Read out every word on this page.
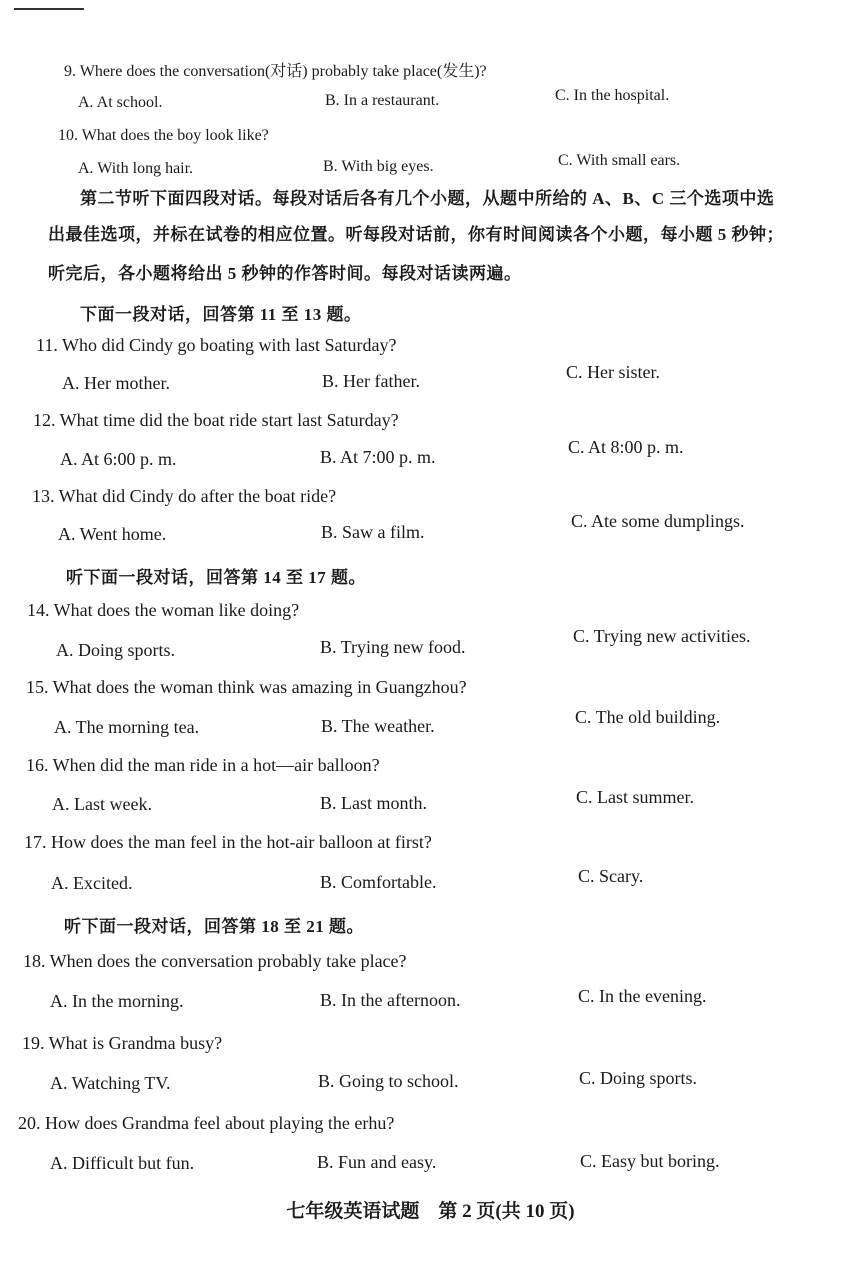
9. Where does the conversation(对话) probably take place(发生)?
A. At school.	B. In a restaurant.	C. In the hospital.
10. What does the boy look like?
A. With long hair.	B. With big eyes.	C. With small ears.
第二节听下面四段对话。每段对话后各有几个小题，从题中所给的 A、B、C 三个选项中选
出最佳选项，并标在试卷的相应位置。听每段对话前，你有时间阅读各个小题，每小题 5 秒钟；
听完后，各小题将给出 5 秒钟的作答时间。每段对话读两遍。
下面一段对话，回答第 11 至 13 题。
11. Who did Cindy go boating with last Saturday?
A. Her mother.	B. Her father.	C. Her sister.
12. What time did the boat ride start last Saturday?
A. At 6:00 p. m.	B. At 7:00 p. m.	C. At 8:00 p. m.
13. What did Cindy do after the boat ride?
A. Went home.	B. Saw a film.
C. Ate some dumplings.
听下面一段对话，回答第 14 至 17 题。
14. What does the woman like doing?
A. Doing sports.	B. Trying new food.
C. Trying new activities.
15. What does the woman think was amazing in Guangzhou?
A. The morning tea.	B. The weather.	C. The old building.
16. When did the man ride in a hot—air balloon?
A. Last week.	B. Last month.	C. Last summer.
17. How does the man feel in the hot-air balloon at first?
A. Excited.	B. Comfortable.	C. Scary.
听下面一段对话，回答第 18 至 21 题。
18. When does the conversation probably take place?
A. In the morning.	B. In the afternoon.	C. In the evening.
19. What is Grandma busy?
A. Watching TV.	B. Going to school.	C. Doing sports.
20. How does Grandma feel about playing the erhu?
A. Difficult but fun.	B. Fun and easy.	C. Easy but boring.
七年级英语试题　第 2 页(共 10 页)
